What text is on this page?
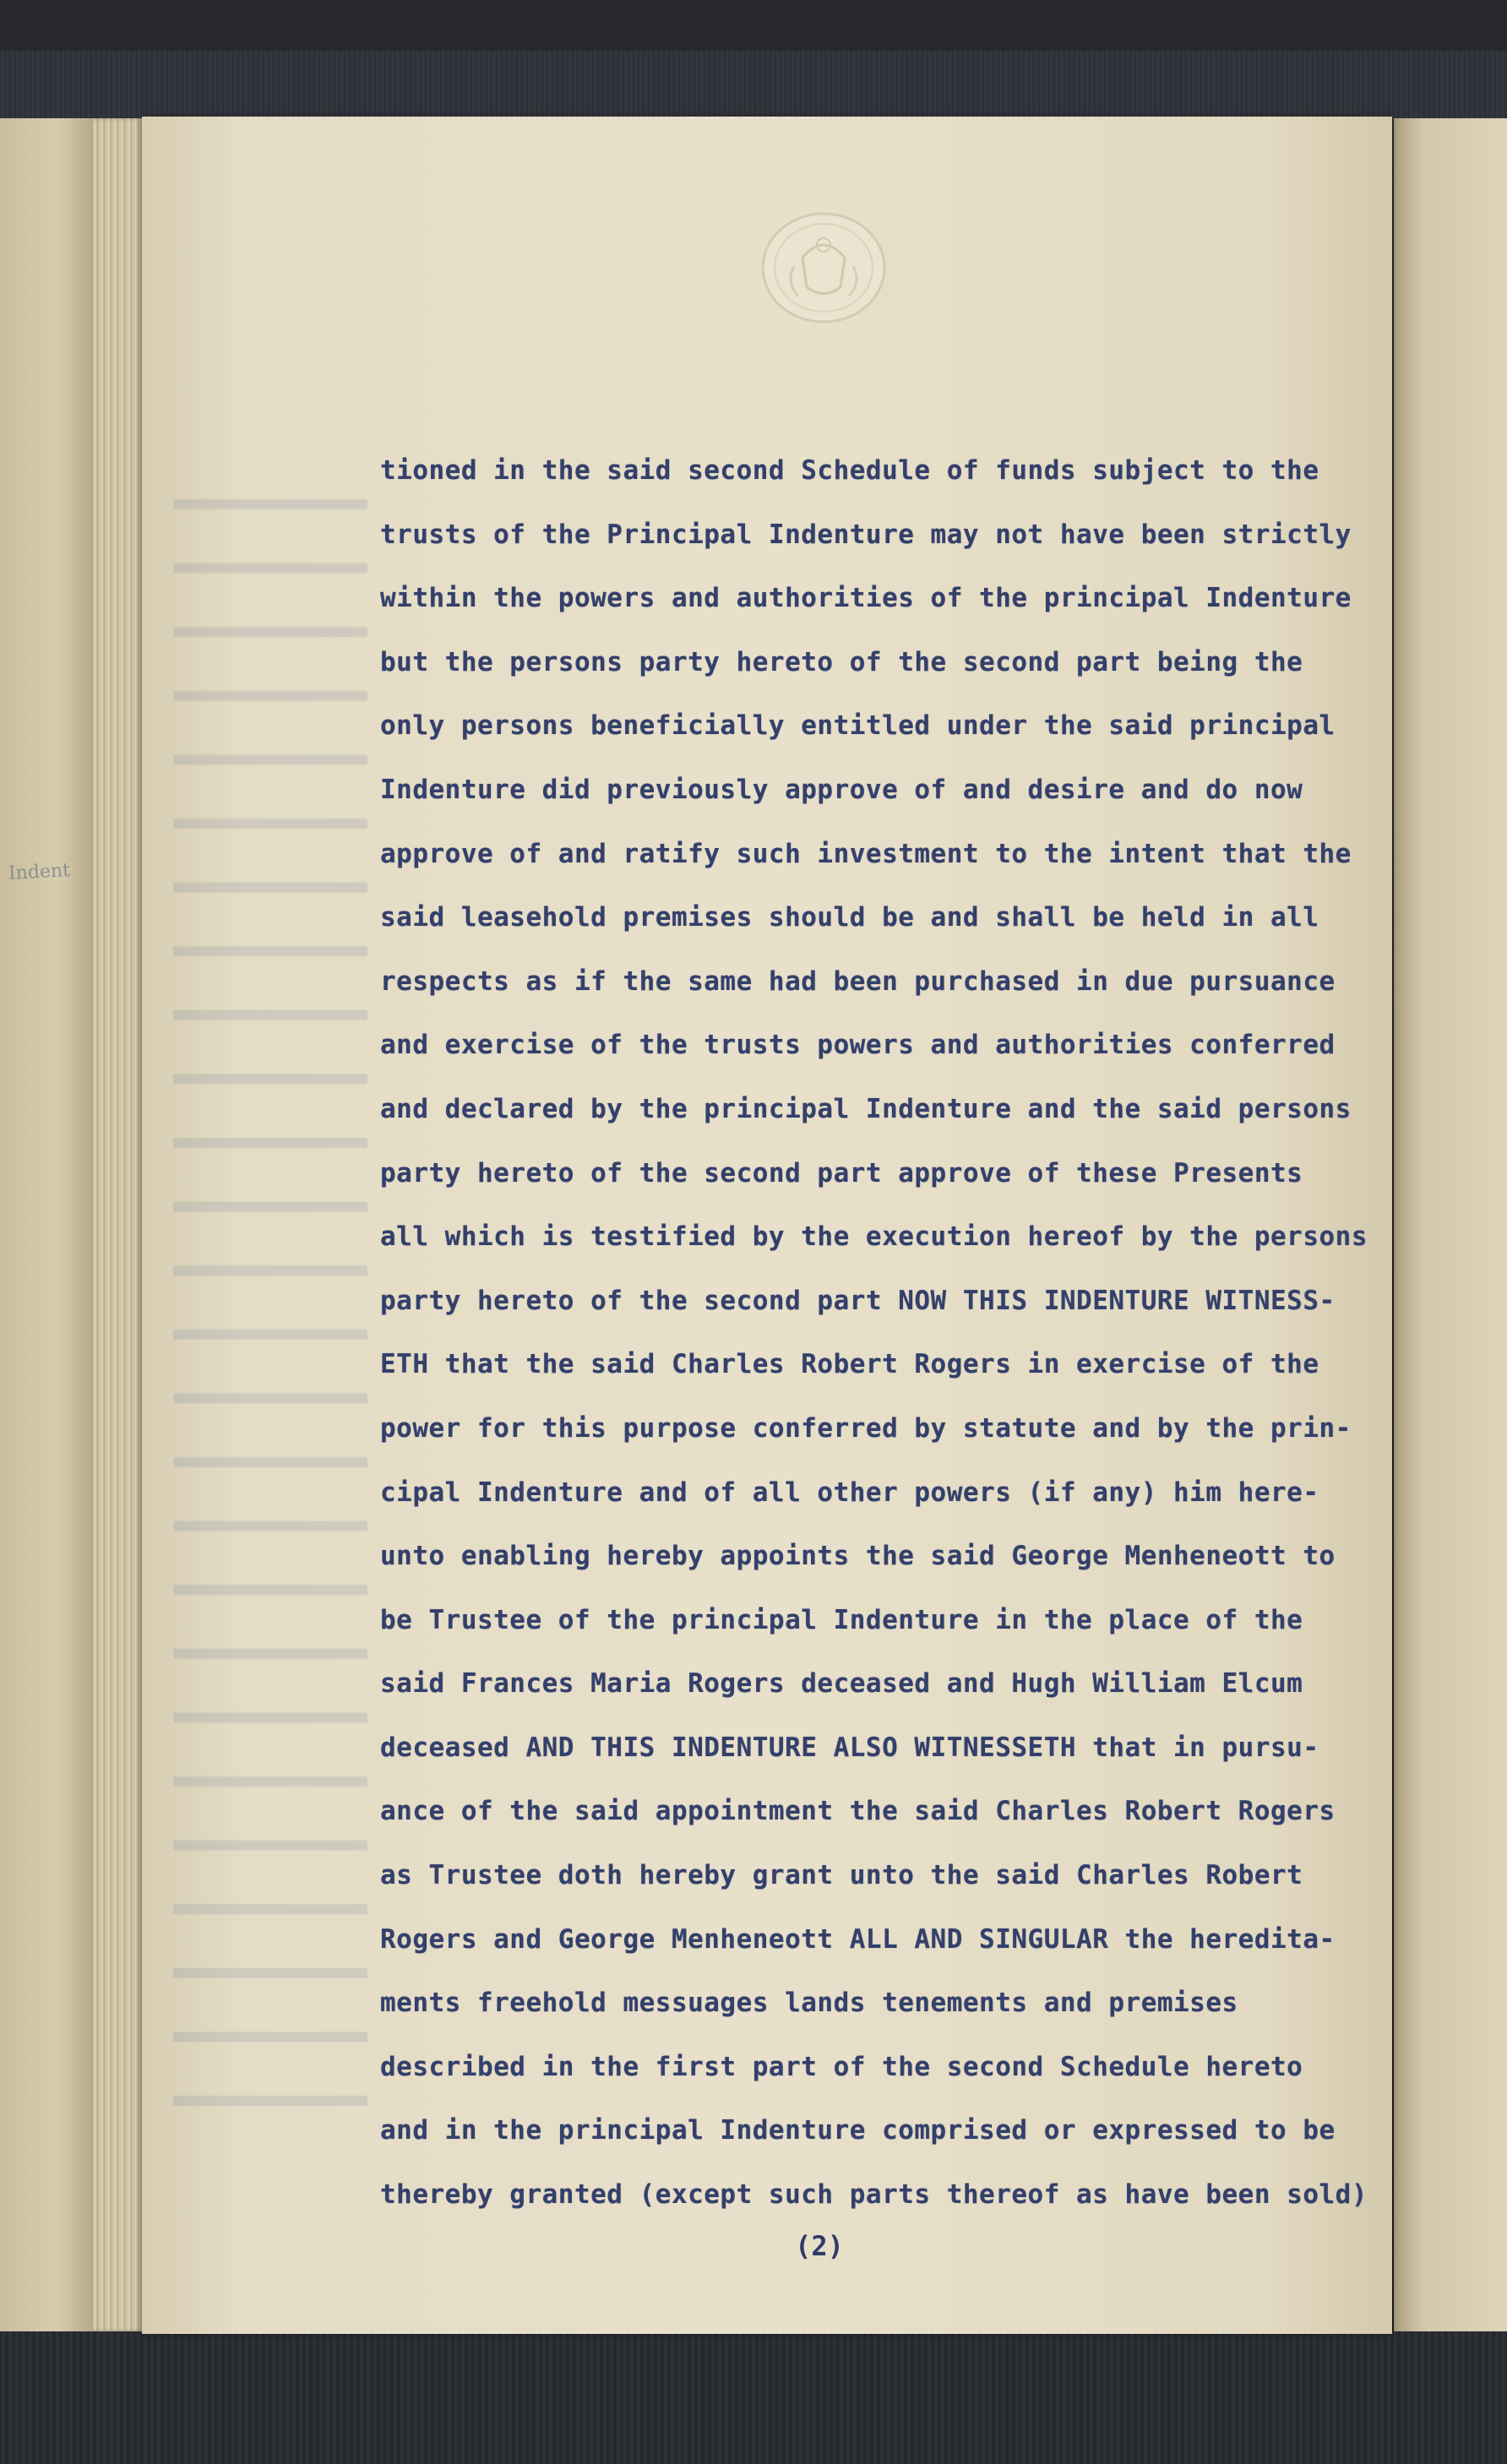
Indent
tioned in the said second Schedule of funds subject to the
trusts of the Principal Indenture may not have been strictly
within the powers and authorities of the principal Indenture
but the persons party hereto of the second part being the
only persons beneficially entitled under the said principal
Indenture did previously approve of and desire and do now
approve of and ratify such investment to the intent that the
said leasehold premises should be and shall be held in all
respects as if the same had been purchased in due pursuance
and exercise of the trusts powers and authorities conferred
and declared by the principal Indenture and the said persons
party hereto of the second part approve of these Presents
all which is testified by the execution hereof by the persons
party hereto of the second part NOW THIS INDENTURE WITNESS-
ETH that the said Charles Robert Rogers in exercise of the
power for this purpose conferred by statute and by the prin-
cipal Indenture and of all other powers (if any) him here-
unto enabling hereby appoints the said George Menheneott to
be Trustee of the principal Indenture in the place of the
said Frances Maria Rogers deceased and Hugh William Elcum
deceased AND THIS INDENTURE ALSO WITNESSETH that in pursu-
ance of the said appointment the said Charles Robert Rogers
as Trustee doth hereby grant unto the said Charles Robert
Rogers and George Menheneott ALL AND SINGULAR the heredita-
ments freehold messuages lands tenements and premises
described in the first part of the second Schedule hereto
and in the principal Indenture comprised or expressed to be
thereby granted (except such parts thereof as have been sold)
(2)
